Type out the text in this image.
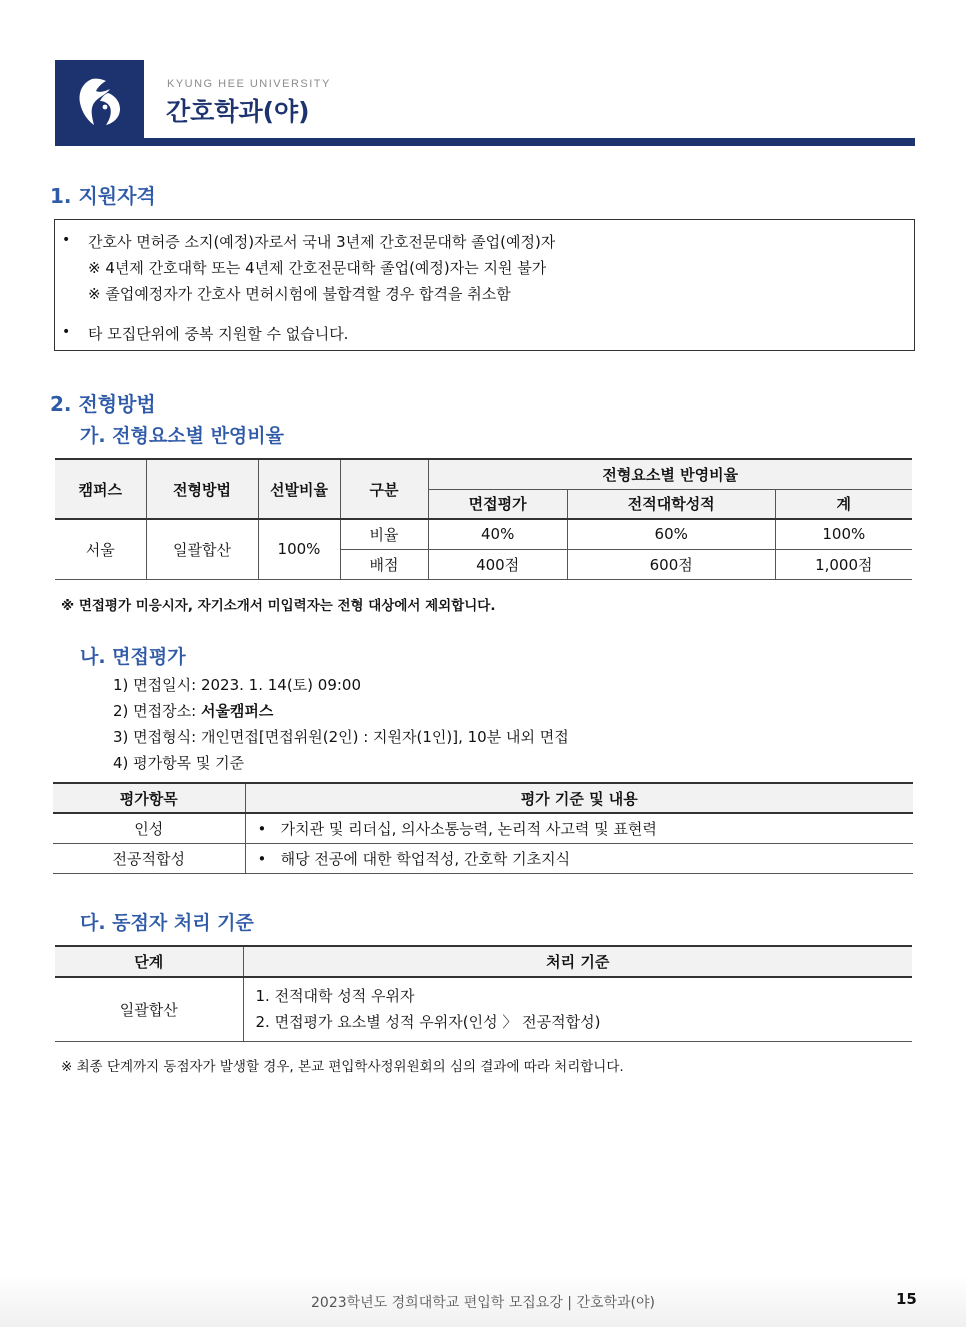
KYUNG HEE UNIVERSITY
간호학과(야)
1. 지원자격
• 간호사 면허증 소지(예정)자로서 국내 3년제 간호전문대학 졸업(예정)자
※ 4년제 간호대학 또는 4년제 간호전문대학 졸업(예정)자는 지원 불가
※ 졸업예정자가 간호사 면허시험에 불합격할 경우 합격을 취소함
• 타 모집단위에 중복 지원할 수 없습니다.
2. 전형방법
가. 전형요소별 반영비율
캠퍼스	전형방법	선발비율	구분	전형요소별 반영비율		
				면접평가	전적대학성적	계
서울	일괄합산	100%	비율	40%	60%	100%
			배점	400점	600점	1,000점
※ 면접평가 미응시자, 자기소개서 미입력자는 전형 대상에서 제외합니다.
나. 면접평가
1) 면접일시: 2023. 1. 14(토) 09:00
2) 면접장소: 서울캠퍼스
3) 면접형식: 개인면접[면접위원(2인) : 지원자(1인)], 10분 내외 면접
4) 평가항목 및 기준
평가항목	평가 기준 및 내용
인성	•   가치관 및 리더십, 의사소통능력, 논리적 사고력 및 표현력
전공적합성	•   해당 전공에 대한 학업적성, 간호학 기초지식
다. 동점자 처리 기준
단계	처리 기준
일괄합산	1. 전적대학 성적 우위자
2. 면접평가 요소별 성적 우위자(인성 〉 전공적합성)
※ 최종 단계까지 동점자가 발생할 경우, 본교 편입학사정위원회의 심의 결과에 따라 처리합니다.
2023학년도 경희대학교 편입학 모집요강 | 간호학과(야)	15
